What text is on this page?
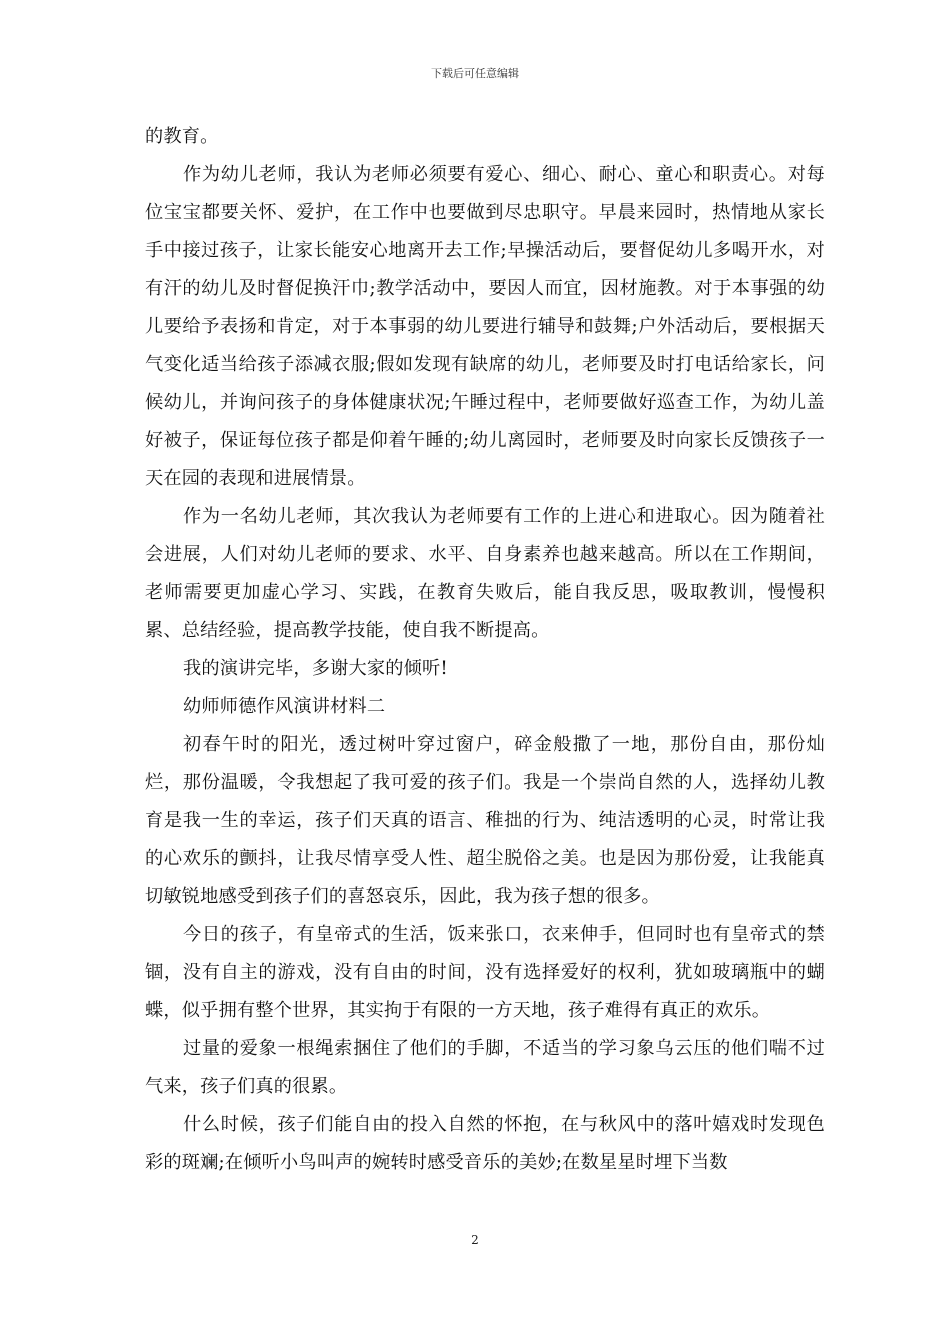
下载后可任意编辑

的教育。

作为幼儿老师，我认为老师必须要有爱心、细心、耐心、童心和职责心。对每位宝宝都要关怀、爱护，在工作中也要做到尽忠职守。早晨来园时，热情地从家长手中接过孩子，让家长能安心地离开去工作;早操活动后，要督促幼儿多喝开水，对有汗的幼儿及时督促换汗巾;教学活动中，要因人而宜，因材施教。对于本事强的幼儿要给予表扬和肯定，对于本事弱的幼儿要进行辅导和鼓舞;户外活动后，要根据天气变化适当给孩子添减衣服;假如发现有缺席的幼儿，老师要及时打电话给家长，问候幼儿，并询问孩子的身体健康状况;午睡过程中，老师要做好巡查工作，为幼儿盖好被子，保证每位孩子都是仰着午睡的;幼儿离园时，老师要及时向家长反馈孩子一天在园的表现和进展情景。

作为一名幼儿老师，其次我认为老师要有工作的上进心和进取心。因为随着社会进展，人们对幼儿老师的要求、水平、自身素养也越来越高。所以在工作期间，老师需要更加虚心学习、实践，在教育失败后，能自我反思，吸取教训，慢慢积累、总结经验，提高教学技能，使自我不断提高。

我的演讲完毕，多谢大家的倾听!

幼师师德作风演讲材料二

初春午时的阳光，透过树叶穿过窗户，碎金般撒了一地，那份自由，那份灿烂，那份温暖，令我想起了我可爱的孩子们。我是一个崇尚自然的人，选择幼儿教育是我一生的幸运，孩子们天真的语言、稚拙的行为、纯洁透明的心灵，时常让我的心欢乐的颤抖，让我尽情享受人性、超尘脱俗之美。也是因为那份爱，让我能真切敏锐地感受到孩子们的喜怒哀乐，因此，我为孩子想的很多。

今日的孩子，有皇帝式的生活，饭来张口，衣来伸手，但同时也有皇帝式的禁锢，没有自主的游戏，没有自由的时间，没有选择爱好的权利，犹如玻璃瓶中的蝴蝶，似乎拥有整个世界，其实拘于有限的一方天地，孩子难得有真正的欢乐。

过量的爱象一根绳索捆住了他们的手脚，不适当的学习象乌云压的他们喘不过气来，孩子们真的很累。

什么时候，孩子们能自由的投入自然的怀抱，在与秋风中的落叶嬉戏时发现色彩的斑斓;在倾听小鸟叫声的婉转时感受音乐的美妙;在数星星时埋下当数

2
